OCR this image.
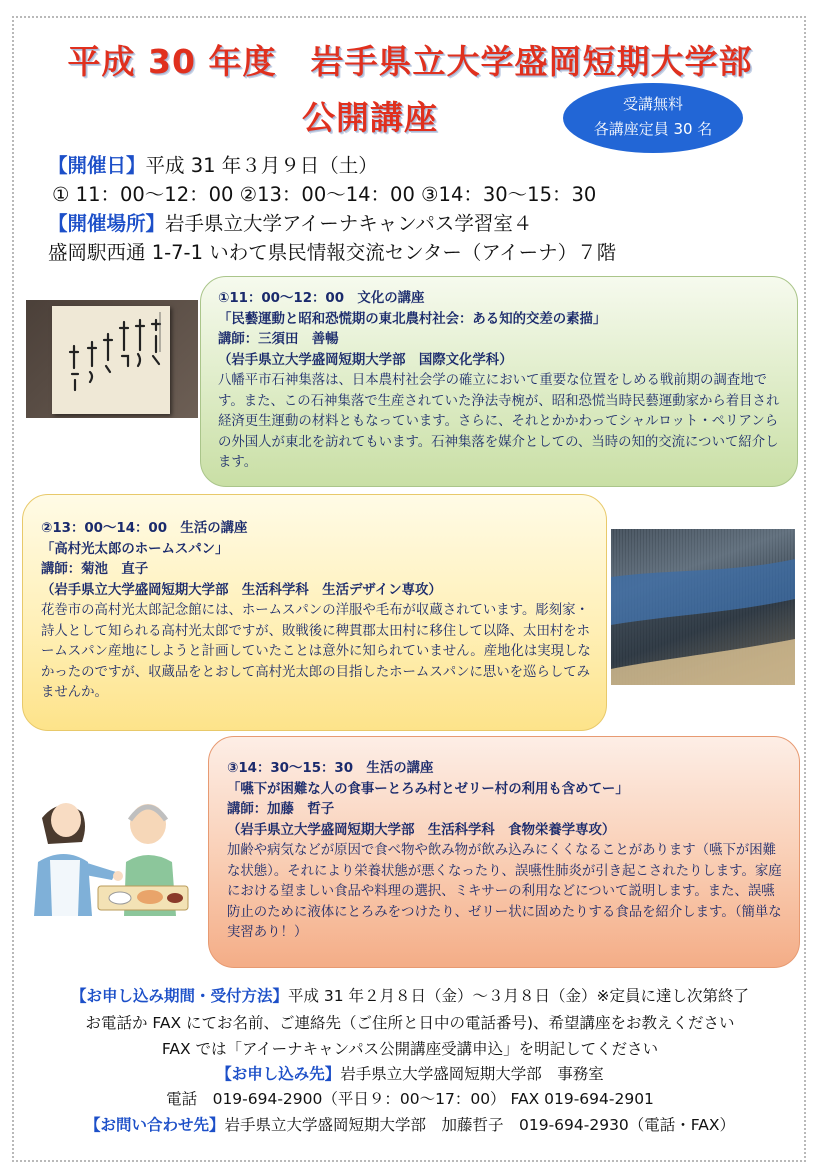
平成 30 年度　岩手県立大学盛岡短期大学部
公開講座	受講無料
各講座定員 30 名
【開催日】平成 31 年３月９日（土）
① 11：00〜12：00 ②13：00〜14：00 ③14：30〜15：30
【開催場所】岩手県立大学アイーナキャンパス学習室４
盛岡駅西通 1-7-1 いわて県民情報交流センター（アイーナ）７階
①11：00〜12：00　文化の講座
「民藝運動と昭和恐慌期の東北農村社会：ある知的交差の素描」
講師：三須田　善暢
（岩手県立大学盛岡短期大学部　国際文化学科）
八幡平市石神集落は、日本農村社会学の確立において重要な位置をしめる戦前期の調査地です。また、この石神集落で生産されていた浄法寺椀が、昭和恐慌当時民藝運動家から着目され経済更生運動の材料ともなっています。さらに、それとかかわってシャルロット・ペリアンらの外国人が東北を訪れてもいます。石神集落を媒介としての、当時の知的交流について紹介します。
②13：00〜14：00　生活の講座
「高村光太郎のホームスパン」
講師：菊池　直子
（岩手県立大学盛岡短期大学部　生活科学科　生活デザイン専攻）
花巻市の高村光太郎記念館には、ホームスパンの洋服や毛布が収蔵されています。彫刻家・詩人として知られる高村光太郎ですが、敗戦後に稗貫郡太田村に移住して以降、太田村をホームスパン産地にしようと計画していたことは意外に知られていません。産地化は実現しなかったのですが、収蔵品をとおして高村光太郎の目指したホームスパンに思いを巡らしてみませんか。
③14：30〜15：30　生活の講座
「嚥下が困難な人の食事ーとろみ村とゼリー村の利用も含めてー」
講師：加藤　哲子
（岩手県立大学盛岡短期大学部　生活科学科　食物栄養学専攻）
加齢や病気などが原因で食べ物や飲み物が飲み込みにくくなることがあります（嚥下が困難な状態）。それにより栄養状態が悪くなったり、誤嚥性肺炎が引き起こされたりします。家庭における望ましい食品や料理の選択、ミキサーの利用などについて説明します。また、誤嚥防止のために液体にとろみをつけたり、ゼリー状に固めたりする食品を紹介します。（簡単な実習あり！）
【お申し込み期間・受付方法】平成 31 年２月８日（金）〜３月８日（金）※定員に達し次第終了
お電話か FAX にてお名前、ご連絡先（ご住所と日中の電話番号)、希望講座をお教えください
FAX では「アイーナキャンパス公開講座受講申込」を明記してください
【お申し込み先】岩手県立大学盛岡短期大学部　事務室
電話　019-694-2900（平日９：00〜17：00） FAX 019-694-2901
【お問い合わせ先】岩手県立大学盛岡短期大学部　加藤哲子　019-694-2930（電話・FAX）
